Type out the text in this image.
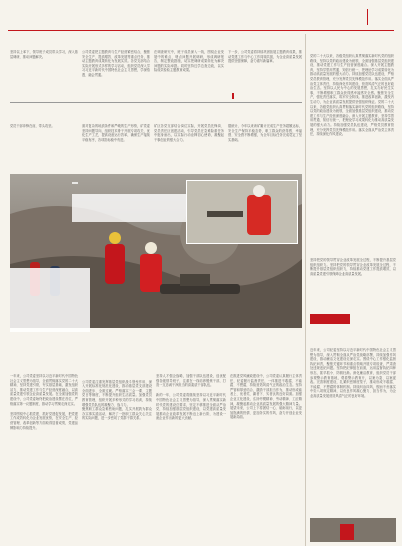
党的二十大以来，各级党组织认真贯彻落实新时代党的组织路线，坚持以党的政治建设为统领，全面加强基层党组织建设，推动党建工作与生产经营深度融合。深入开展主题教育，坚持学思用贯通、知信行统一，把理论学习成果转化为推动高质量发展的强大动力。持续加强党员队伍建设，严格党员教育管理，充分发挥党员先锋模范作用。落实全面从严治党主体责任，持续深化作风建设，营造风清气正的良好政治生态。坚持以人民为中心的发展思想，扎实办好民生实事，不断增强职工群众获得感幸福感安全感。聚焦安全生产，强化责任落实，筑牢安全防线。推进改革创新，激发内生动力，为企业高质量发展提供坚强组织保证。党的二十大以来，各级党组织认真贯彻落实新时代党的组织路线，坚持以党的政治建设为统领，全面加强基层党组织建设，推动党建工作与生产经营深度融合。深入开展主题教育，坚持学思用贯通、知信行统一，把理论学习成果转化为推动高质量发展的强大动力。持续加强党员队伍建设，严格党员教育管理，充分发挥党员先锋模范作用。落实全面从严治党主体责任，持续深化作风建设。
坚持以上率下，领导班子成员带头学习，深入基层调研，推动问题解决。
公司党委把主题教育与生产经营紧密结合，聚焦安全生产、提质增效、改革发展等重点任务，推动主题教育成果转化为发展实效。各党支部结合实际开展形式多样的学习活动，组织党员深入学习习近平新时代中国特色社会主义思想，学深悟透、融会贯通。
在调查研究中，班子成员深入一线，围绕企业发展中的难点、堵点问题开展调研，形成调研报告，制定整改措施，切实把调研成果转化为解决问题的实际举措。同时坚持边学边查边改，以实际成效检验主题教育成果。
下一步，公司党委将持续巩固拓展主题教育成果，推动党建工作与中心工作同频共振，为企业高质量发展提供坚强保障，奋力谱写新篇章。
党员干部冲锋在前，带头攻坚。	面对复杂的地质条件和严峻的生产形势，矿党委坚持问题导向，组织技术骨干开展专项攻关，优化生产工艺，提高设备运行效率，确保生产接续平稳有序，各项指标稳中有进。
矿区各党支部结合岗位实际，开展党员先锋岗、党员责任区创建活动，引导党员在急难险重任务中挺身而出，以实际行动诠释初心使命，凝聚起干事创业的强大合力。
据统计，今年以来该矿累计完成生产任务超额达标，安全生产保持平稳态势，职工群众的获得感、幸福感、安全感不断增强，为全年目标任务完成奠定了坚实基础。
坚持把党的领导贯穿企业改革发展全过程，不断提升基层党组织组织力。坚持把党的领导贯穿企业改革发展全过程，不断提升基层党组织组织力，持续推动党建工作提质增效，以高质量党建引领保障企业高质量发展。
近年来，公司纪委坚持以习近平新时代中国特色社会主义思想为指导，深入贯彻全面从严治党战略部署，持续加强作风建设，推动廉洁文化建设走深走实。围绕中心工作强化监督执纪问责，聚焦关键环节和重点领域开展专项检查，严肃查处违规违纪问题。坚持把纪律挺在前面，运用监督执纪四种形态，抓早抓小、防微杜渐。深化廉洁教育，组织党员干部参观警示教育基地，观看警示教育片，以案为鉴、以案促改。完善制度建设，扎紧织密制度笼子，推动形成不敢腐、不能腐、不想腐的体制机制。持续纠治四风，锲而不舍落实中央八项规定精神，以优良作风凝心聚力、担当作为，为企业高质量发展营造风清气正的良好环境。
一年来，公司党委坚持以习近平新时代中国特色社会主义思想为指导，全面贯彻落实党的二十大精神，坚持党建引领，夯实基层基础，激发组织活力，推动党建工作与生产经营深度融合，以高质量党建引领企业高质量发展。在全面加强党的建设中，公司党委始终把政治建设摆在首位，严格落实第一议题制度，推动学习贯彻走深走实。

坚持围绕中心抓党建、抓好党建促发展，把党建工作成效转化为企业发展优势，在安全生产、经营管理、改革创新等方面取得显著成绩，党建品牌影响力持续提升。

公司党委注重发挥基层党组织战斗堡垒作用，深入开展标准化规范化建设，推动基层党支部建设全面进步、全面过硬。严格落实三会一课、主题党日等制度，不断提升组织生活质量。加强党员教育管理，组织开展多种形式的学习培训，持续增强党员队伍的凝聚力、战斗力。
聚焦职工群众急难愁盼问题，扎实开展我为群众办实事实践活动，解决了一批职工群众关心关注的实际问题，进一步密切了党群干群关系。
坚持人才强企战略，加强干部队伍建设，选优配强各级领导班子，注重在一线培养锻炼干部，打造一支忠诚干净担当的高素质干部队伍。

新的一年，公司党委将继续坚持以习近平新时代中国特色社会主义思想为指导，深入贯彻落实新时代党的建设总要求，坚定不移推进全面从严治党，持续加强基层党组织建设，以党建高质量发展推动企业改革发展不断迈上新台阶，为建设一流企业作出新的更大贡献。
在推进党风廉政建设中，公司党委认真履行主体责任，纪委履行监督责任，一体推进不敢腐、不能腐、不想腐，持续营造风清气正的政治生态。坚持严管和厚爱结合，激励干部担当作为，推动形成能者上、优者奖、庸者下、劣者汰的良好局面。加强企业文化建设，弘扬劳模精神、劳动精神、工匠精神，凝聚起推动企业高质量发展的强大精神力量。展望未来，公司上下将团结一心、砥砺前行，以更加饱满的热情、更加务实的作风，奋力开创企业发展新局面。
